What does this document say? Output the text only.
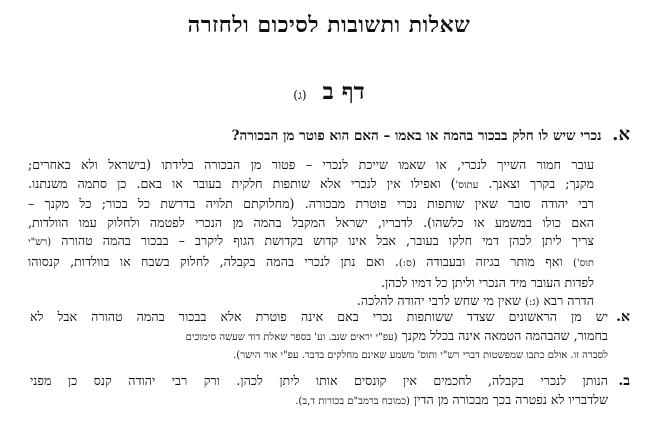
שאלות ותשובות לסיכום ולחזרה
דף ב (ג)
א. נכרי שיש לו חלק בבכור בהמה או באמו – האם הוא פוטר מן הבכורה?
עובר חמור השייך לנכרי, או שאמו שייכת לנכרי – פטור מן הבכורה בלידתו (בישראל ולא באחרים;
מקנך; בקרך וצאנך. עתוס') ואפילו אין לנכרי אלא שותפות חלקית בעובר או באם. כן סתמה משנתנו.
רבי יהודה סובר שאין שותפות נכרי פוטרת מבכורה. (מחלוקתם תלויה בדרשת כל בכור; כל מקנך –
האם כולו במשמע או כלשהו). לדבריו, ישראל המקבל בהמה מן הנכרי לפטמה ולחלוק עמו הוולדות,
צריך ליתן לכהן דמי חלקו בעובר, אבל אינו קדוש בקדושת הגוף ליקרב – בבכור בהמה טהורה (רש"י
תוס') ואף מותר בגיזה ובעבודה (ס:). ואם נתן לנכרי בהמה בקבלה, לחלוק בשבח או בוולדות, קנסוהו
לפדות העובר מיד הנכרי וליתן כל דמיו לכהן.
הדרה רבא (ג:) שאין מי שחש לרבי יהודה להלכה.
א.
יש מן הראשונים שצדד ששותפות נכרי באם אינה פוטרת אלא בבכור בהמה טהורה אבל לא
בחמור, שהבהמה הטמאה אינה בכלל מקנך (עפ"י יראים שנב. וע' בספר שאלת דוד שעשה סימוכים
לסברה זו. אולם כתבו שמפשטות דברי רש"י ותוס' משמע שאינם מחלקים בדבר. עפ"י אור הישר).
ב.
הנותן לנכרי בקבלה, לחכמים אין קונסים אותו ליתן לכהן. ורק רבי יהודה קנס כן מפני
שלדבריו לא נפטרה בכך מבכורה מן הדין (כמוכח ברמב"ם בכורות ד,ב).
